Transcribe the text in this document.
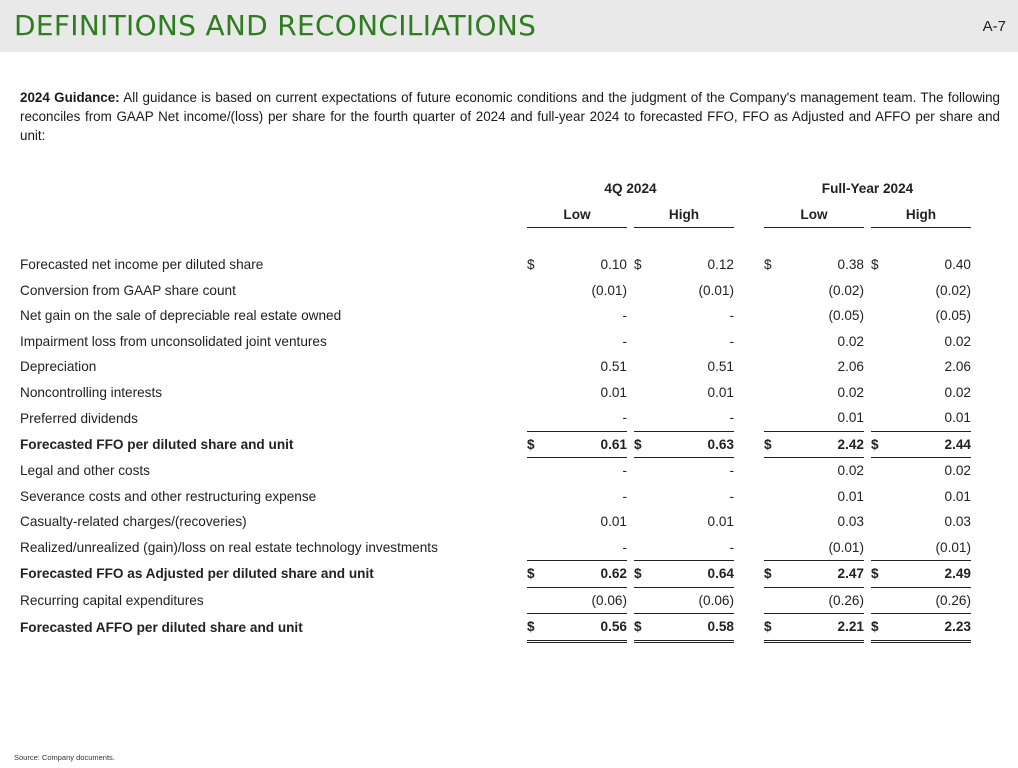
DEFINITIONS AND RECONCILIATIONS	A-7
2024 Guidance: All guidance is based on current expectations of future economic conditions and the judgment of the Company's management team. The following reconciles from GAAP Net income/(loss) per share for the fourth quarter of 2024 and full-year 2024 to forecasted FFO, FFO as Adjusted and AFFO per share and unit:
	4Q 2024						Full-Year 2024				
	Low			High			Low			High	

Forecasted net income per diluted share	$	0.10		$	0.12		$	0.38		$	0.40
Conversion from GAAP share count		(0.01)			(0.01)			(0.02)			(0.02)
Net gain on the sale of depreciable real estate owned		-			-			(0.05)			(0.05)
Impairment loss from unconsolidated joint ventures		-			-			0.02			0.02
Depreciation		0.51			0.51			2.06			2.06
Noncontrolling interests		0.01			0.01			0.02			0.02
Preferred dividends		-			-			0.01			0.01
Forecasted FFO per diluted share and unit	$	0.61		$	0.63		$	2.42		$	2.44
Legal and other costs		-			-			0.02			0.02
Severance costs and other restructuring expense		-			-			0.01			0.01
Casualty-related charges/(recoveries)		0.01			0.01			0.03			0.03
Realized/unrealized (gain)/loss on real estate technology investments		-			-			(0.01)			(0.01)
Forecasted FFO as Adjusted per diluted share and unit	$	0.62		$	0.64		$	2.47		$	2.49
Recurring capital expenditures		(0.06)			(0.06)			(0.26)			(0.26)
Forecasted AFFO per diluted share and unit	$	0.56		$	0.58		$	2.21		$	2.23
Source: Company documents.
